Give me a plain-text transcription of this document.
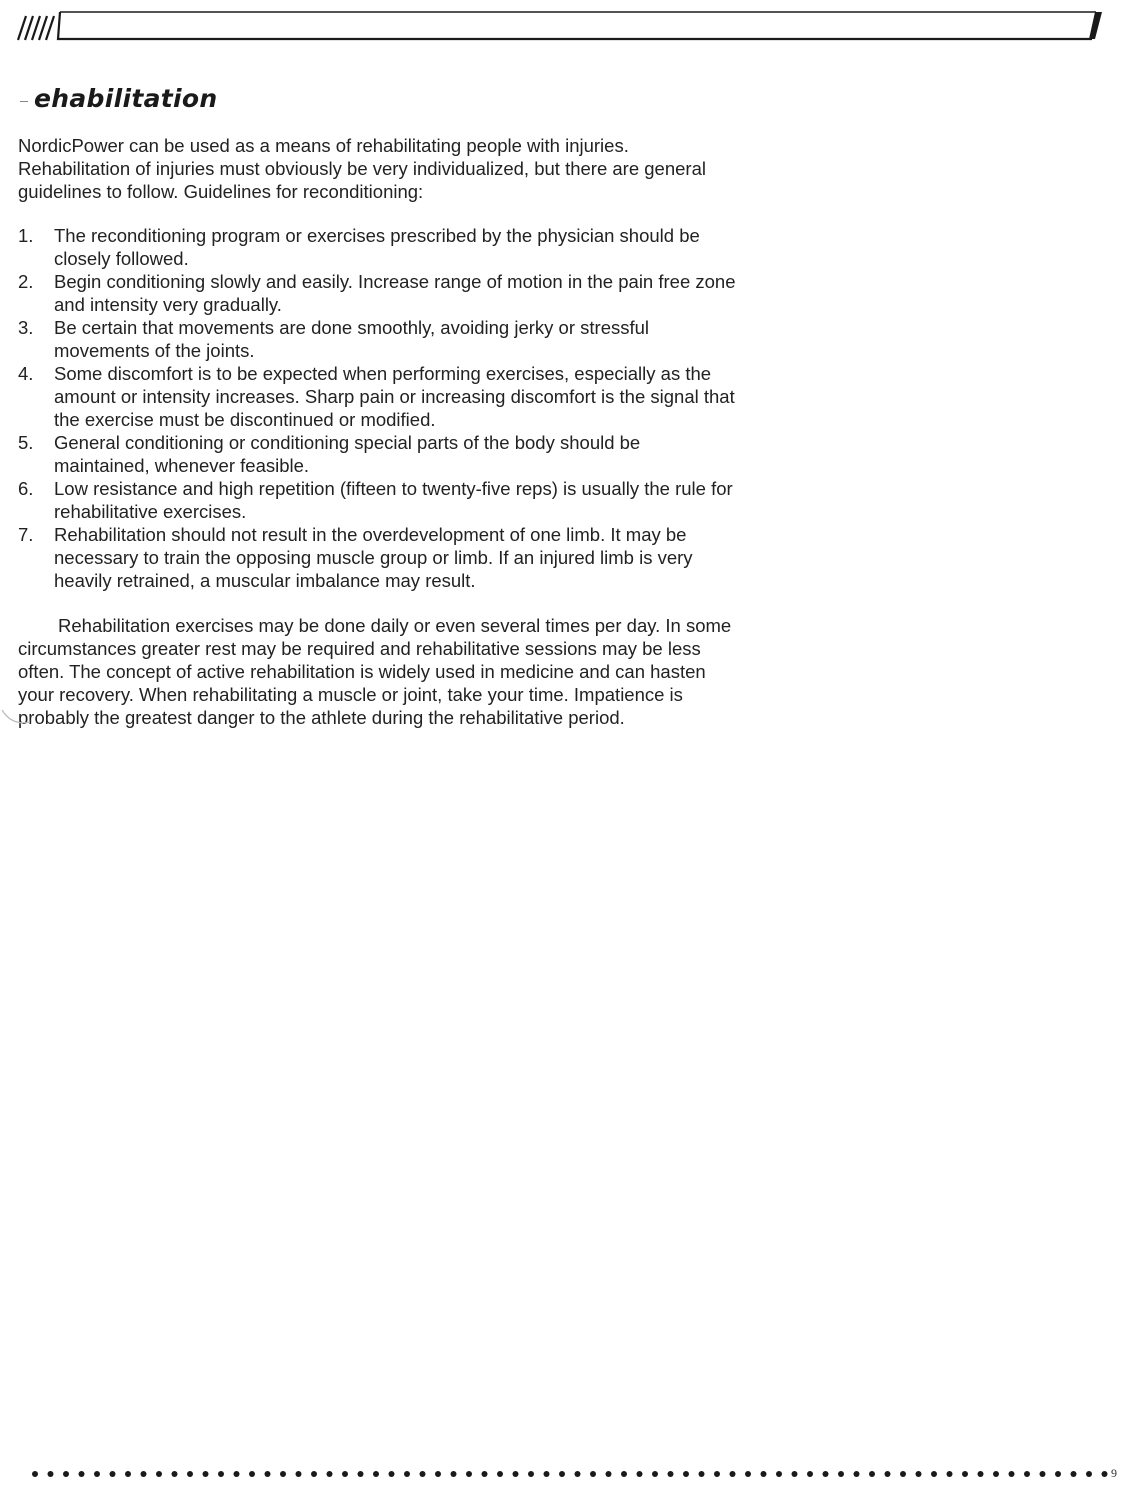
ehabilitation

NordicPower can be used as a means of rehabilitating people with injuries. Rehabilitation of injuries must obviously be very individualized, but there are general guidelines to follow. Guidelines for reconditioning:

1.	The reconditioning program or exercises prescribed by the physician should be closely followed.
2.	Begin conditioning slowly and easily. Increase range of motion in the pain free zone and intensity very gradually.
3.	Be certain that movements are done smoothly, avoiding jerky or stressful movements of the joints.
4.	Some discomfort is to be expected when performing exercises, especially as the amount or intensity increases. Sharp pain or increasing discomfort is the signal that the exercise must be discontinued or modified.
5.	General conditioning or conditioning special parts of the body should be maintained, whenever feasible.
6.	Low resistance and high repetition (fifteen to twenty-five reps) is usually the rule for rehabilitative exercises.
7.	Rehabilitation should not result in the overdevelopment of one limb. It may be necessary to train the opposing muscle group or limb. If an injured limb is very heavily retrained, a muscular imbalance may result.

Rehabilitation exercises may be done daily or even several times per day. In some circumstances greater rest may be required and rehabilitative sessions may be less often. The concept of active rehabilitation is widely used in medicine and can hasten your recovery. When rehabilitating a muscle or joint, take your time. Impatience is probably the greatest danger to the athlete during the rehabilitative period.

9
